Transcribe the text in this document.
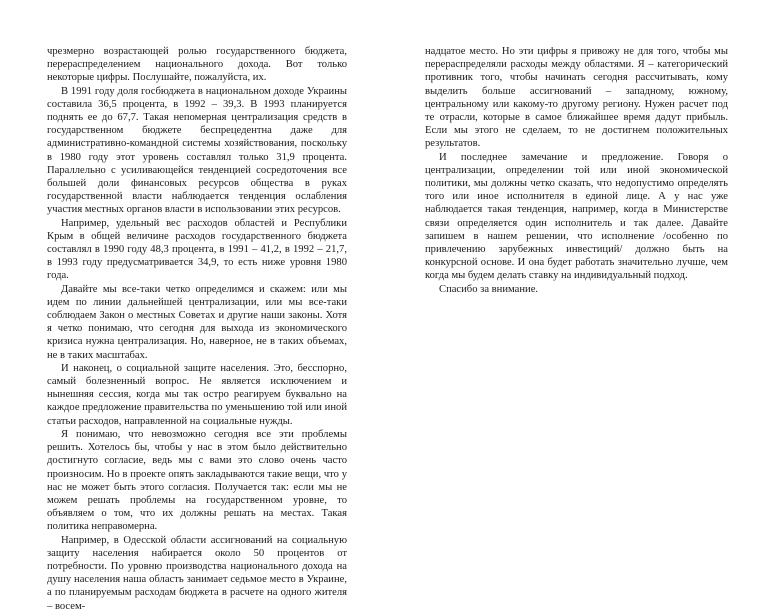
чрезмерно возрастающей ролью государственного бюджета, перераспределением национального дохода. Вот только некоторые цифры. Послушайте, пожалуйста, их.

В 1991 году доля госбюджета в национальном доходе Украины составила 36,5 процента, в 1992 – 39,3. В 1993 планируется поднять ее до 67,7. Такая непомерная централизация средств в государственном бюджете беспрецедентна даже для административно-командной системы хозяйствования, поскольку в 1980 году этот уровень составлял только 31,9 процента. Параллельно с усиливающейся тенденцией сосредоточения все большей доли финансовых ресурсов общества в руках государственной власти наблюдается тенденция ослабления участия местных органов власти в использовании этих ресурсов.

Например, удельный вес расходов областей и Республики Крым в общей величине расходов государственного бюджета составлял в 1990 году 48,3 процента, в 1991 – 41,2, в 1992 – 21,7, в 1993 году предусматривается 34,9, то есть ниже уровня 1980 года.

Давайте мы все-таки четко определимся и скажем: или мы идем по линии дальнейшей централизации, или мы все-таки соблюдаем Закон о местных Советах и другие наши законы. Хотя я четко понимаю, что сегодня для выхода из экономического кризиса нужна централизация. Но, наверное, не в таких объемах, не в таких масштабах.

И наконец, о социальной защите населения. Это, бесспорно, самый болезненный вопрос. Не является исключением и нынешняя сессия, когда мы так остро реагируем буквально на каждое предложение правительства по уменьшению той или иной статьи расходов, направленной на социальные нужды.

Я понимаю, что невозможно сегодня все эти проблемы решить. Хотелось бы, чтобы у нас в этом было действительно достигнуто согласие, ведь мы с вами это слово очень часто произносим. Но в проекте опять закладываются такие вещи, что у нас не может быть этого согласия. Получается так: если мы не можем решать проблемы на государственном уровне, то объявляем о том, что их должны решать на местах. Такая политика неправомерна.

Например, в Одесской области ассигнований на социальную защиту населения набирается около 50 процентов от потребности. По уровню производства национального дохода на душу населения наша область занимает седьмое место в Украине, а по планируемым расходам бюджета в расчете на одного жителя – восем-

надцатое место. Но эти цифры я привожу не для того, чтобы мы перераспределяли расходы между областями. Я – категорический противник того, чтобы начинать сегодня рассчитывать, кому выделить больше ассигнований – западному, южному, центральному или какому-то другому региону. Нужен расчет под те отрасли, которые в самое ближайшее время дадут прибыль. Если мы этого не сделаем, то не достигнем положительных результатов.

И последнее замечание и предложение. Говоря о централизации, определении той или иной экономической политики, мы должны четко сказать, что недопустимо определять того или иное исполнителя в единой лице. А у нас уже наблюдается такая тенденция, например, когда в Министерстве связи определяется один исполнитель и так далее. Давайте запишем в нашем решении, что исполнение /особенно по привлечению зарубежных инвестиций/ должно быть на конкурсной основе. И она будет работать значительно лучше, чем когда мы будем делать ставку на индивидуальный подход.

Спасибо за внимание.
